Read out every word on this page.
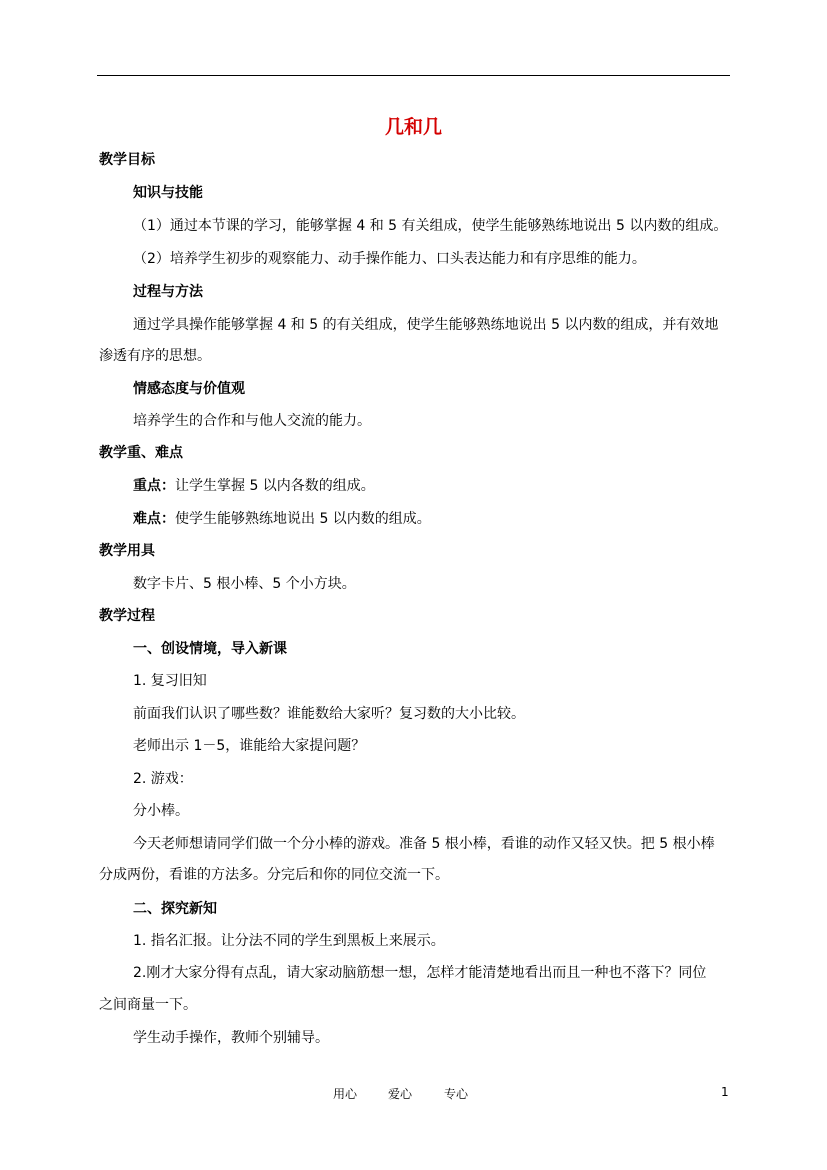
几和几
教学目标
知识与技能
（1）通过本节课的学习，能够掌握 4 和 5 有关组成，使学生能够熟练地说出 5 以内数的组成。
（2）培养学生初步的观察能力、动手操作能力、口头表达能力和有序思维的能力。
过程与方法
通过学具操作能够掌握 4 和 5 的有关组成，使学生能够熟练地说出 5 以内数的组成，并有效地
渗透有序的思想。
情感态度与价值观
培养学生的合作和与他人交流的能力。
教学重、难点
重点：让学生掌握 5 以内各数的组成。
难点：使学生能够熟练地说出 5 以内数的组成。
教学用具
数字卡片、5 根小棒、5 个小方块。
教学过程
一、创设情境，导入新课
1. 复习旧知
前面我们认识了哪些数？谁能数给大家听？复习数的大小比较。
老师出示 1－5，谁能给大家提问题？
2. 游戏：
分小棒。
今天老师想请同学们做一个分小棒的游戏。准备 5 根小棒，看谁的动作又轻又快。把 5 根小棒
分成两份，看谁的方法多。分完后和你的同位交流一下。
二、探究新知
1. 指名汇报。让分法不同的学生到黑板上来展示。
2.刚才大家分得有点乱，请大家动脑筋想一想，怎样才能清楚地看出而且一种也不落下？同位
之间商量一下。
学生动手操作，教师个别辅导。
用心	爱心	专心	1
